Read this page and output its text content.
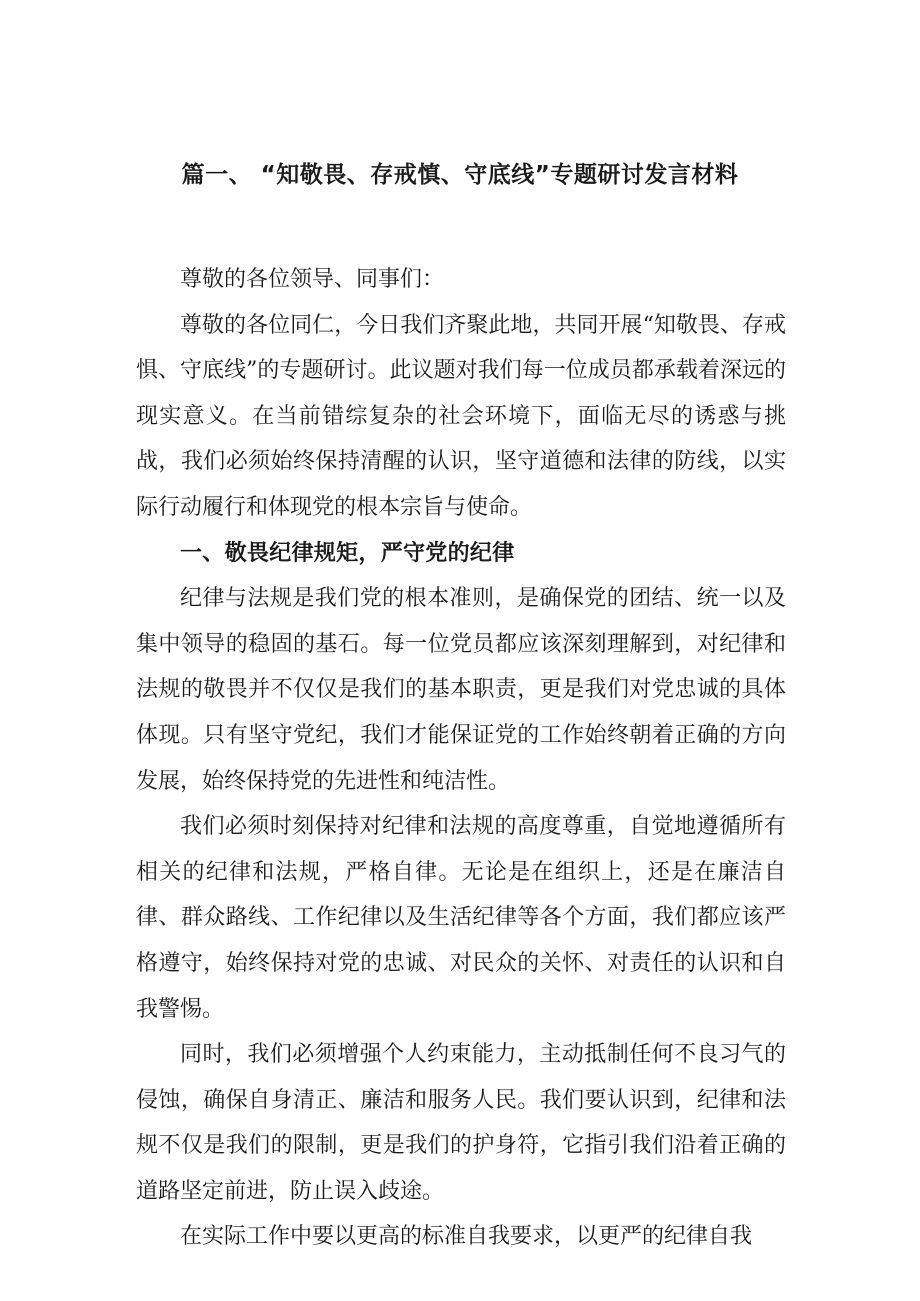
篇一、 “知敬畏、存戒慎、守底线”专题研讨发言材料

尊敬的各位领导、同事们：

尊敬的各位同仁，今日我们齐聚此地，共同开展“知敬畏、存戒惧、守底线”的专题研讨。此议题对我们每一位成员都承载着深远的现实意义。在当前错综复杂的社会环境下，面临无尽的诱惑与挑战，我们必须始终保持清醒的认识，坚守道德和法律的防线，以实际行动履行和体现党的根本宗旨与使命。

一、敬畏纪律规矩，严守党的纪律

纪律与法规是我们党的根本准则，是确保党的团结、统一以及集中领导的稳固的基石。每一位党员都应该深刻理解到，对纪律和法规的敬畏并不仅仅是我们的基本职责，更是我们对党忠诚的具体体现。只有坚守党纪，我们才能保证党的工作始终朝着正确的方向发展，始终保持党的先进性和纯洁性。

我们必须时刻保持对纪律和法规的高度尊重，自觉地遵循所有相关的纪律和法规，严格自律。无论是在组织上，还是在廉洁自律、群众路线、工作纪律以及生活纪律等各个方面，我们都应该严格遵守，始终保持对党的忠诚、对民众的关怀、对责任的认识和自我警惕。

同时，我们必须增强个人约束能力，主动抵制任何不良习气的侵蚀，确保自身清正、廉洁和服务人民。我们要认识到，纪律和法规不仅是我们的限制，更是我们的护身符，它指引我们沿着正确的道路坚定前进，防止误入歧途。

在实际工作中要以更高的标准自我要求，以更严的纪律自我
